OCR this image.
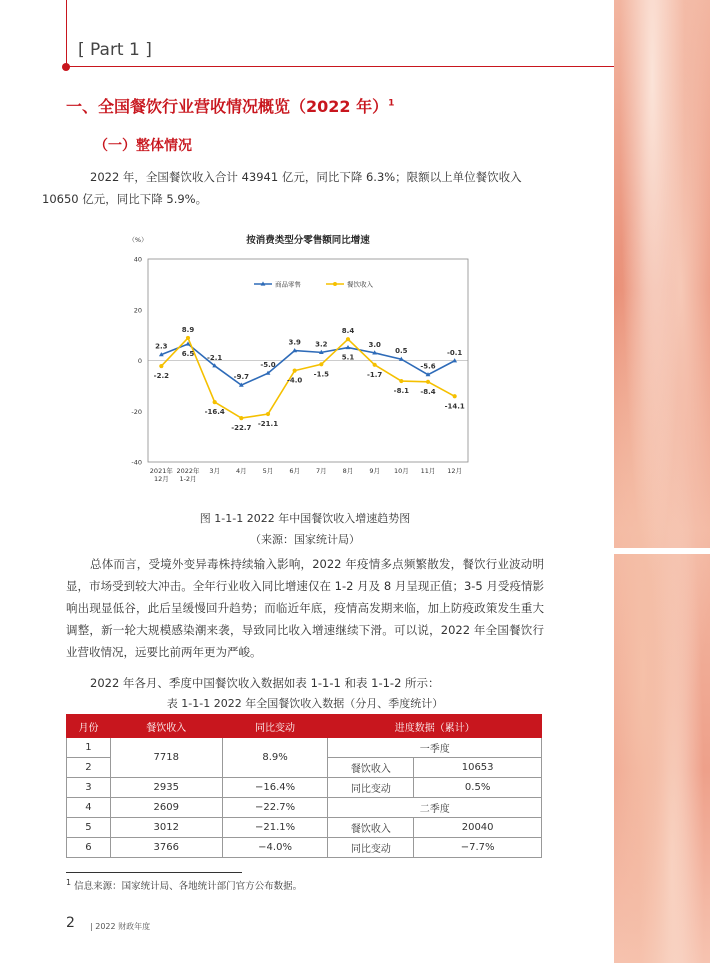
[ Part 1 ]
一、全国餐饮行业营收情况概览（2022 年）$^1$
（一）整体情况
2022 年，全国餐饮收入合计 43941 亿元，同比下降 6.3%；限额以上单位餐饮收入
10650 亿元，同比下降 5.9%。
按消费类型分零售额同比增速
（%）
-40
-20
0
20
40
2021年 12月
2022年 1-2月
3月 4月 5月 6月 7月 8月 9月 10月 11月 12月
2.3
-2.2
6.5
8.9
-2.1
-16.4
-9.7
-22.7
-5.0
-21.1
3.9
-4.0
3.2
-1.5
5.1
8.4
3.0
-1.7
0.5
-8.1
-5.6
-8.4
-0.1
-14.1
商品零售	餐饮收入
图 1-1-1 2022 年中国餐饮收入增速趋势图
（来源：国家统计局）
总体而言，受境外变异毒株持续输入影响，2022 年疫情多点频繁散发，餐饮行业波动明显，市场受到较大冲击。全年行业收入同比增速仅在 1-2 月及 8 月呈现正值；3-5 月受疫情影响出现显低谷，此后呈缓慢回升趋势；而临近年底，疫情高发期来临，加上防疫政策发生重大调整，新一轮大规模感染潮来袭，导致同比收入增速继续下滑。可以说，2022 年全国餐饮行业营收情况，远要比前两年更为严峻。
2022 年各月、季度中国餐饮收入数据如表 1-1-1 和表 1-1-2 所示：
表 1-1-1 2022 年全国餐饮收入数据（分月、季度统计）
月份	餐饮收入	同比变动	进度数据（累计）	
1	7718	8.9%	一季度	
2			餐饮收入	10653
3	2935	−16.4%	同比变动	0.5%
4	2609	−22.7%	二季度	
5	3012	−21.1%	餐饮收入	20040
6	3766	−4.0%	同比变动	−7.7%
$^1$ 信息来源：国家统计局、各地统计部门官方公布数据。
2 | 2022 财政年度
